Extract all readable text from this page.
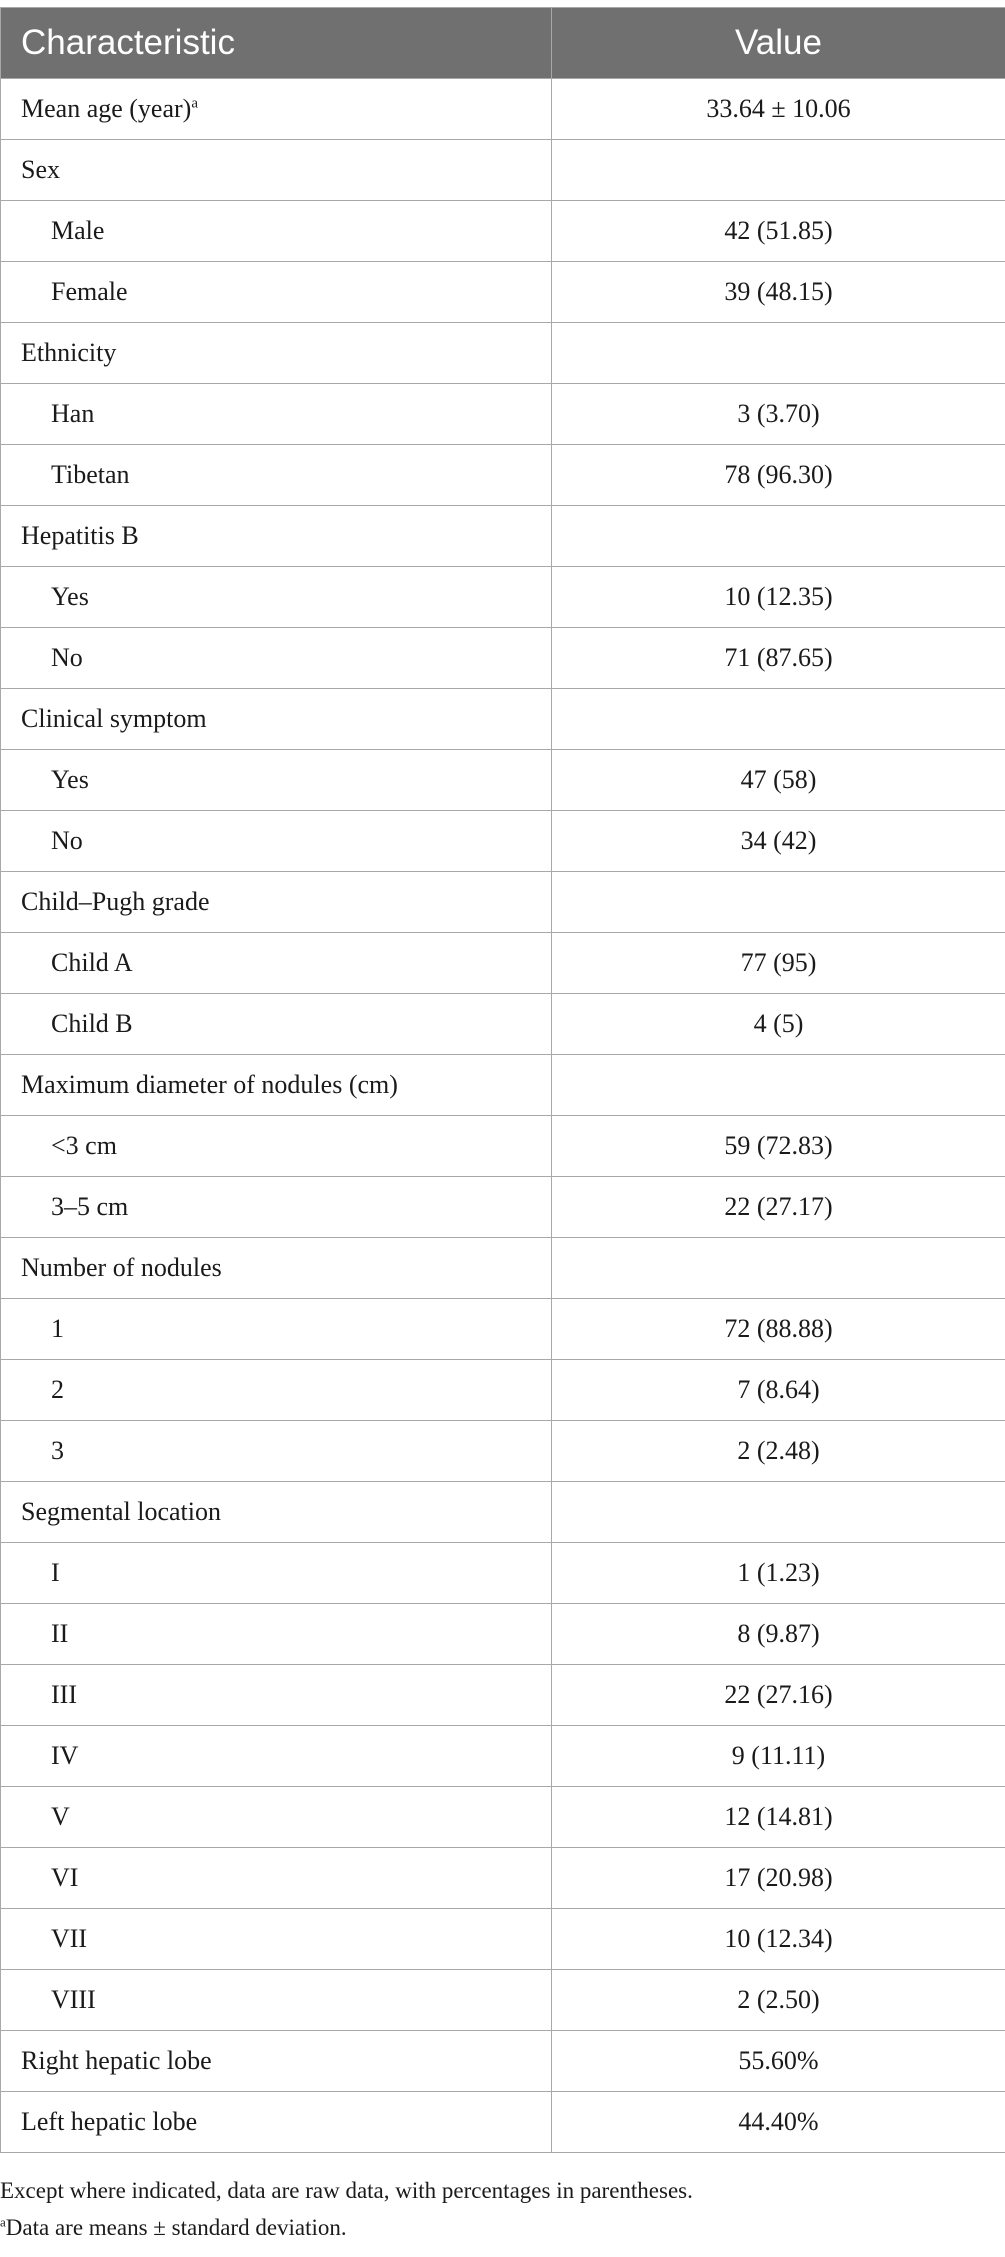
Characteristic	Value
Mean age (year)$^a$	33.64 ± 10.06
Sex	
Male	42 (51.85)
Female	39 (48.15)
Ethnicity	
Han	3 (3.70)
Tibetan	78 (96.30)
Hepatitis B	
Yes	10 (12.35)
No	71 (87.65)
Clinical symptom	
Yes	47 (58)
No	34 (42)
Child–Pugh grade	
Child A	77 (95)
Child B	4 (5)
Maximum diameter of nodules (cm)	
<3 cm	59 (72.83)
3–5 cm	22 (27.17)
Number of nodules	
1	72 (88.88)
2	7 (8.64)
3	2 (2.48)
Segmental location	
I	1 (1.23)
II	8 (9.87)
III	22 (27.16)
IV	9 (11.11)
V	12 (14.81)
VI	17 (20.98)
VII	10 (12.34)
VIII	2 (2.50)
Right hepatic lobe	55.60%
Left hepatic lobe	44.40%

Except where indicated, data are raw data, with percentages in parentheses.

$^a$Data are means ± standard deviation.
